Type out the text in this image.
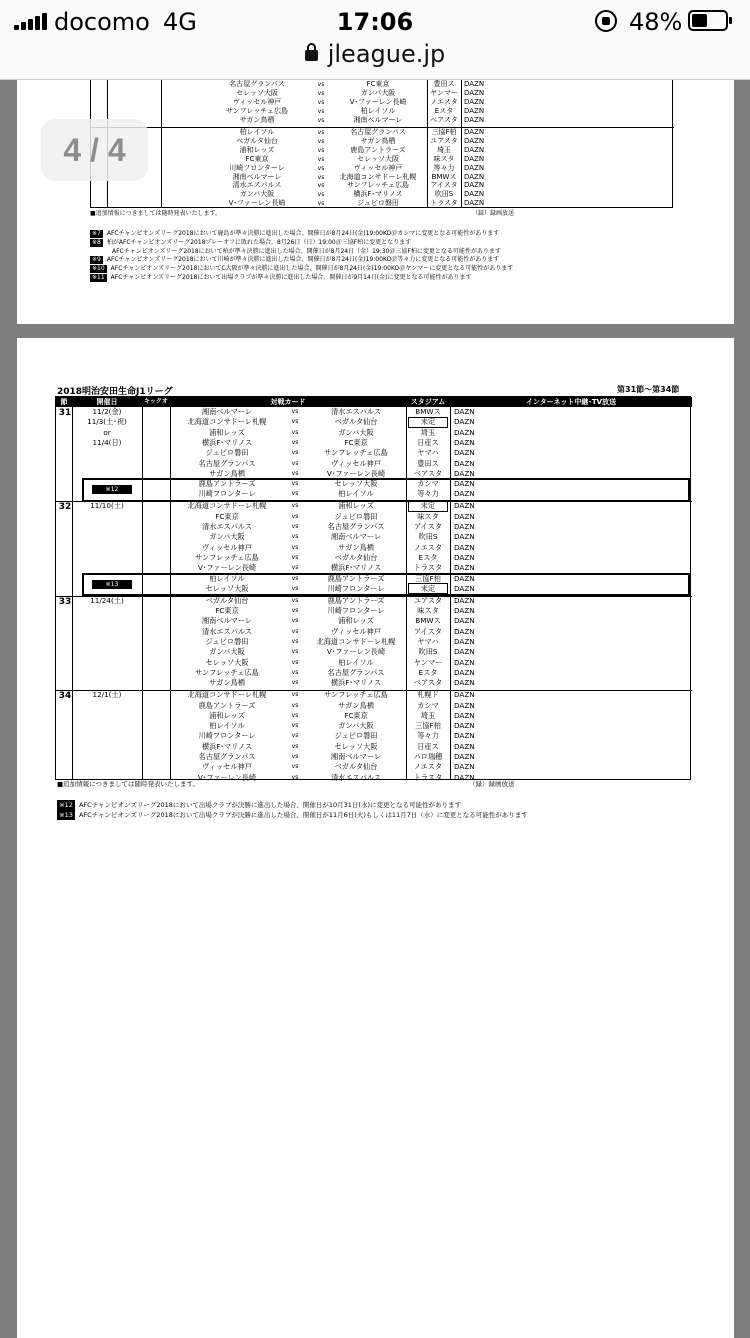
docomo 4G	17:06	48%
jleague.jp
名古屋グランパス	vs	FC東京	豊田ス	DAZN
セレッソ大阪	vs	ガンバ大阪	ヤンマー DAZN
ヴィッセル神戸	vs	V･ファーレン長崎	ノエスタ DAZN
サンフレッチェ広島	vs	柏レイソル	Eスタ	DAZN
サガン鳥栖	vs	湘南ベルマーレ	ベアスタ DAZN
柏レイソル	vs	名古屋グランパス	三協F柏	DAZN
ベガルタ仙台	vs	サガン鳥栖	ユアスタ DAZN
浦和レッズ	vs	鹿島アントラーズ	埼玉	DAZN
FC東京	vs	セレッソ大阪	味スタ	DAZN
川崎フロンターレ	vs	ヴィッセル神戸	等々力	DAZN
湘南ベルマーレ	vs	北海道コンサドーレ札幌	BMWス	DAZN
清水エスパルス	vs	サンフレッチェ広島	アイスタ DAZN
ガンバ大阪	vs	横浜F･マリノス	吹田S	DAZN
V･ファーレン長崎	vs	ジュビロ磐田	トラスタ DAZN
■追加情報につきましては随時発表いたします。	（録）録画放送
※7 AFCチャンピオンズリーグ2018において鹿島が準々決勝に進出した場合、開催日が8月24日(金)19:00KO＠カシマに変更となる可能性があります
※8 柏がAFCチャンピオンズリーグ2018プレーオフに敗れた場合，8月26日（日）19:00＠三協F柏に変更となります
AFCチャンピオンズリーグ2018において柏が準々決勝に進出した場合、開催日が8月24日（金）19:30＠三協F柏に変更となる可能性があります
※9 AFCチャンピオンズリーグ2018において川崎が準々決勝に進出した場合、開催日が8月24日(金)19:00KO＠等々力に変更となる可能性があります
※10 AFCチャンピオンズリーグ2018においてC大阪が準々決勝に進出した場合、開催日が8月24日(金)19:00KO＠ヤンマーに変更となる可能性があります
※11 AFCチャンピオンズリーグ2018において出場クラブが準々決勝に進出した場合、開催日が9月14日(金)に変更となる可能性があります
2018明治安田生命J1リーグ	第31節～第34節
節	開催日	キックオフ
対戦カード	スタジアム	インターネット中継･TV放送
31	11/2(金)
11/3(土･祝)
or
11/4(日)
湘南ベルマーレ	vs	清水エスパルス	BMWス	DAZN
北海道コンサドーレ札幌	vs	ベガルタ仙台	未定	DAZN
浦和レッズ	vs	ガンバ大阪	埼玉	DAZN
横浜F･マリノス	vs	FC東京	日産ス	DAZN
ジュビロ磐田	vs	サンフレッチェ広島	ヤマハ	DAZN
名古屋グランパス	vs	ヴィッセル神戸	豊田ス	DAZN
サガン鳥栖	vs	V･ファーレン長崎	ベアスタ	DAZN
鹿島アントラーズ	vs	セレッソ大阪	カシマ	DAZN
川崎フロンターレ	vs	柏レイソル	等々力	DAZN
※12
32	11/10(土)	北海道コンサドーレ札幌	vs	浦和レッズ	未定	DAZN
FC東京	vs	ジュビロ磐田	味スタ	DAZN
清水エスパルス	vs	名古屋グランパス	アイスタ	DAZN
ガンバ大阪	vs	湘南ベルマーレ	吹田S	DAZN
ヴィッセル神戸	vs	サガン鳥栖	ノエスタ	DAZN
サンフレッチェ広島	vs	ベガルタ仙台	Eスタ	DAZN
V･ファーレン長崎	vs	横浜F･マリノス	トラスタ	DAZN
柏レイソル	vs	鹿島アントラーズ	三協F柏	DAZN
セレッソ大阪	vs	川崎フロンターレ	未定	DAZN
※13
33	11/24(土)	ベガルタ仙台	vs	鹿島アントラーズ	ユアスタ	DAZN
FC東京	vs	川崎フロンターレ	味スタ	DAZN
湘南ベルマーレ	vs	浦和レッズ	BMWス	DAZN
清水エスパルス	vs	ヴィッセル神戸	アイスタ	DAZN
ジュビロ磐田	vs	北海道コンサドーレ札幌	ヤマハ	DAZN
ガンバ大阪	vs	V･ファーレン長崎	吹田S	DAZN
セレッソ大阪	vs	柏レイソル	ヤンマー	DAZN
サンフレッチェ広島	vs	名古屋グランパス	Eスタ	DAZN
サガン鳥栖	vs	横浜F･マリノス	ベアスタ	DAZN
34	12/1(土)	北海道コンサドーレ札幌	vs	サンフレッチェ広島	札幌ド	DAZN
鹿島アントラーズ	vs	サガン鳥栖	カシマ	DAZN
浦和レッズ	vs	FC東京	埼玉	DAZN
柏レイソル	vs	ガンバ大阪	三協F柏	DAZN
川崎フロンターレ	vs	ジュビロ磐田	等々力	DAZN
横浜F･マリノス	vs	セレッソ大阪	日産ス	DAZN
名古屋グランパス	vs	湘南ベルマーレ	パロ瑞穂	DAZN
ヴィッセル神戸	vs	ベガルタ仙台	ノエスタ	DAZN
V･ファーレン長崎	vs	清水エスパルス	トラスタ	DAZN
■追加情報につきましては随時発表いたします。	（録）録画放送
※12 AFCチャンピオンズリーグ2018において出場クラブが決勝に進出した場合、開催日が10月31日(水)に変更となる可能性があります
※13 AFCチャンピオンズリーグ2018において出場クラブが決勝に進出した場合、開催日が11月6日(火)もしくは11月7日（水）に変更となる可能性があります
4 / 4
